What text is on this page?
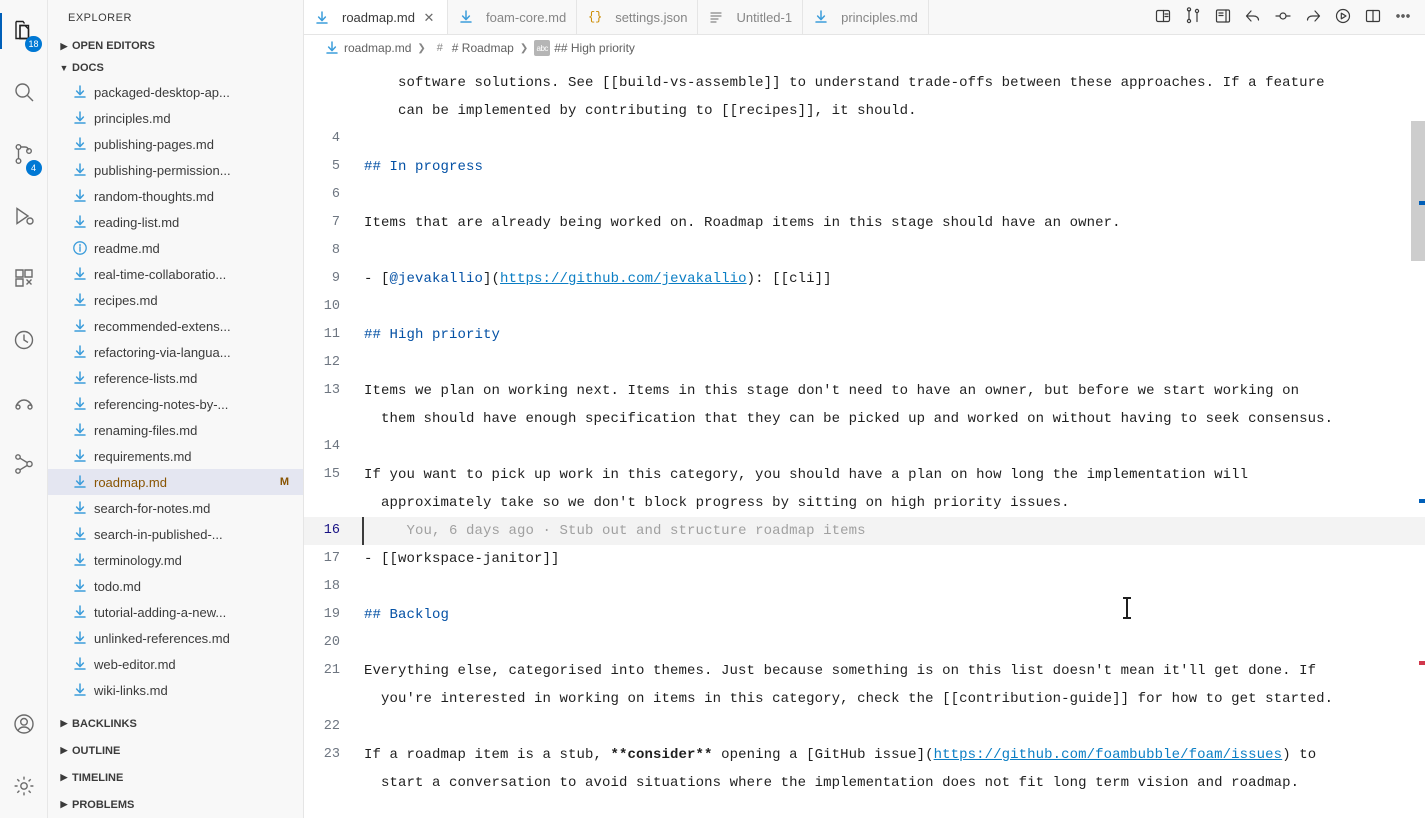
18
4
EXPLORER
▶ OPEN EDITORS
▼ DOCS
packaged-desktop-ap...
principles.md
publishing-pages.md
publishing-permission...
random-thoughts.md
reading-list.md
readme.md
real-time-collaboratio...
recipes.md
recommended-extens...
refactoring-via-langua...
reference-lists.md
referencing-notes-by-...
renaming-files.md
requirements.md
roadmap.md	M
search-for-notes.md
search-in-published-...
terminology.md
todo.md
tutorial-adding-a-new...
unlinked-references.md
web-editor.md
wiki-links.md
▶ BACKLINKS
▶ OUTLINE
▶ TIMELINE
▶ PROBLEMS
roadmap.md ✕	foam-core.md {} settings.json	Untitled-1	principles.md
roadmap.md ❯ # # Roadmap ❯ abc ## High priority
software solutions. See [[build-vs-assemble]] to understand trade-offs between these approaches. If a feature
can be implemented by contributing to [[recipes]], it should.
4

5	## In progress
6

7	Items that are already being worked on. Roadmap items in this stage should have an owner.
8

9	- [@jevakallio](https://github.com/jevakallio): [[cli]]
10

11	## High priority
12

13	Items we plan on working next. Items in this stage don't need to have an owner, but before we start working on
them should have enough specification that they can be picked up and worked on without having to seek consensus.
14

15	If you want to pick up work in this category, you should have a plan on how long the implementation will
approximately take so we don't block progress by sitting on high priority issues.
16	You, 6 days ago · Stub out and structure roadmap items
17	- [[workspace-janitor]]
18

19	## Backlog
20

21	Everything else, categorised into themes. Just because something is on this list doesn't mean it'll get done. If
you're interested in working on items in this category, check the [[contribution-guide]] for how to get started.
22

23	If a roadmap item is a stub, **consider** opening a [GitHub issue](https://github.com/foambubble/foam/issues) to
start a conversation to avoid situations where the implementation does not fit long term vision and roadmap.
